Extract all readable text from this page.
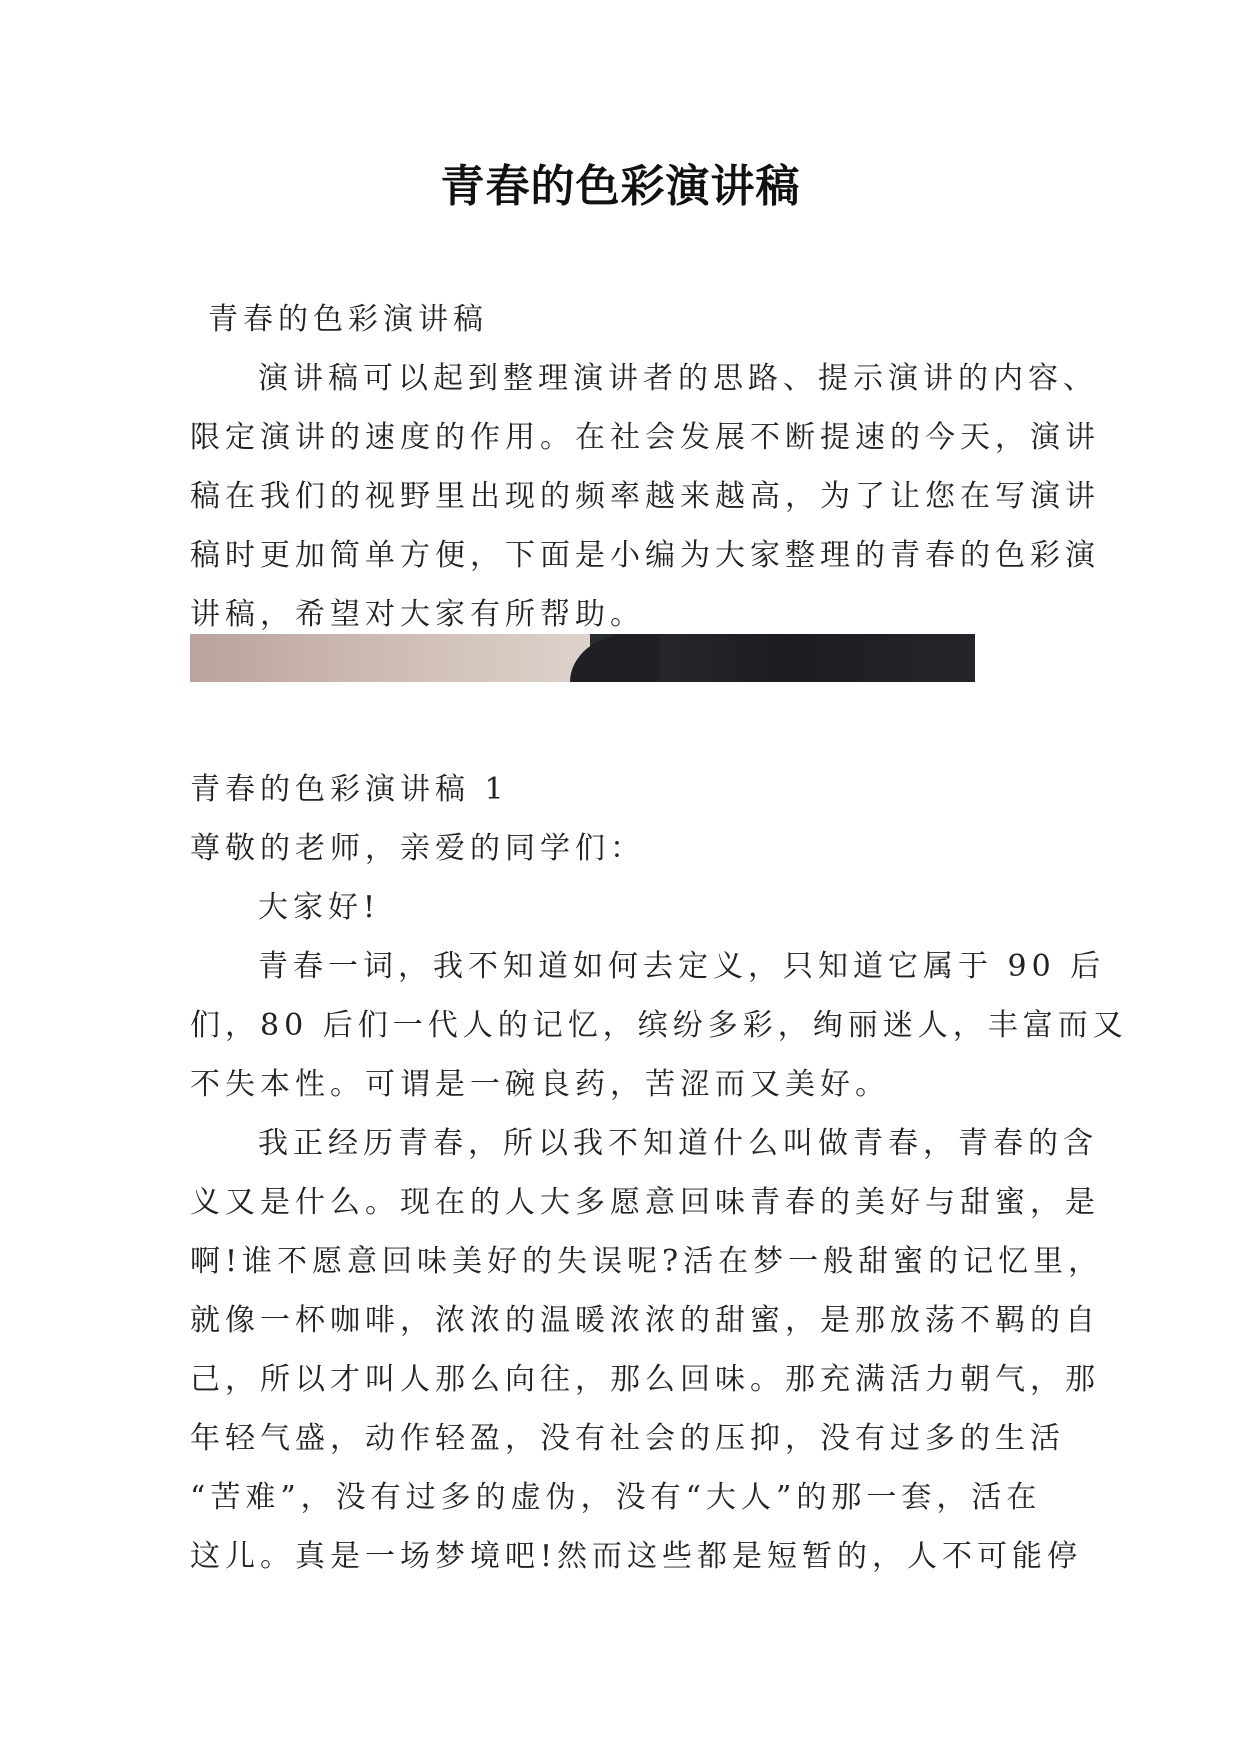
青春的色彩演讲稿
青春的色彩演讲稿
演讲稿可以起到整理演讲者的思路、提示演讲的内容、
限定演讲的速度的作用。在社会发展不断提速的今天，演讲
稿在我们的视野里出现的频率越来越高，为了让您在写演讲
稿时更加简单方便，下面是小编为大家整理的青春的色彩演
讲稿，希望对大家有所帮助。
青春的色彩演讲稿 1
尊敬的老师，亲爱的同学们：
大家好!
青春一词，我不知道如何去定义，只知道它属于 90 后
们，80 后们一代人的记忆，缤纷多彩，绚丽迷人，丰富而又
不失本性。可谓是一碗良药，苦涩而又美好。
我正经历青春，所以我不知道什么叫做青春，青春的含
义又是什么。现在的人大多愿意回味青春的美好与甜蜜，是
啊!谁不愿意回味美好的失误呢?活在梦一般甜蜜的记忆里，
就像一杯咖啡，浓浓的温暖浓浓的甜蜜，是那放荡不羁的自
己，所以才叫人那么向往，那么回味。那充满活力朝气，那
年轻气盛，动作轻盈，没有社会的压抑，没有过多的生活
“苦难”，没有过多的虚伪，没有“大人”的那一套，活在
这儿。真是一场梦境吧!然而这些都是短暂的，人不可能停
